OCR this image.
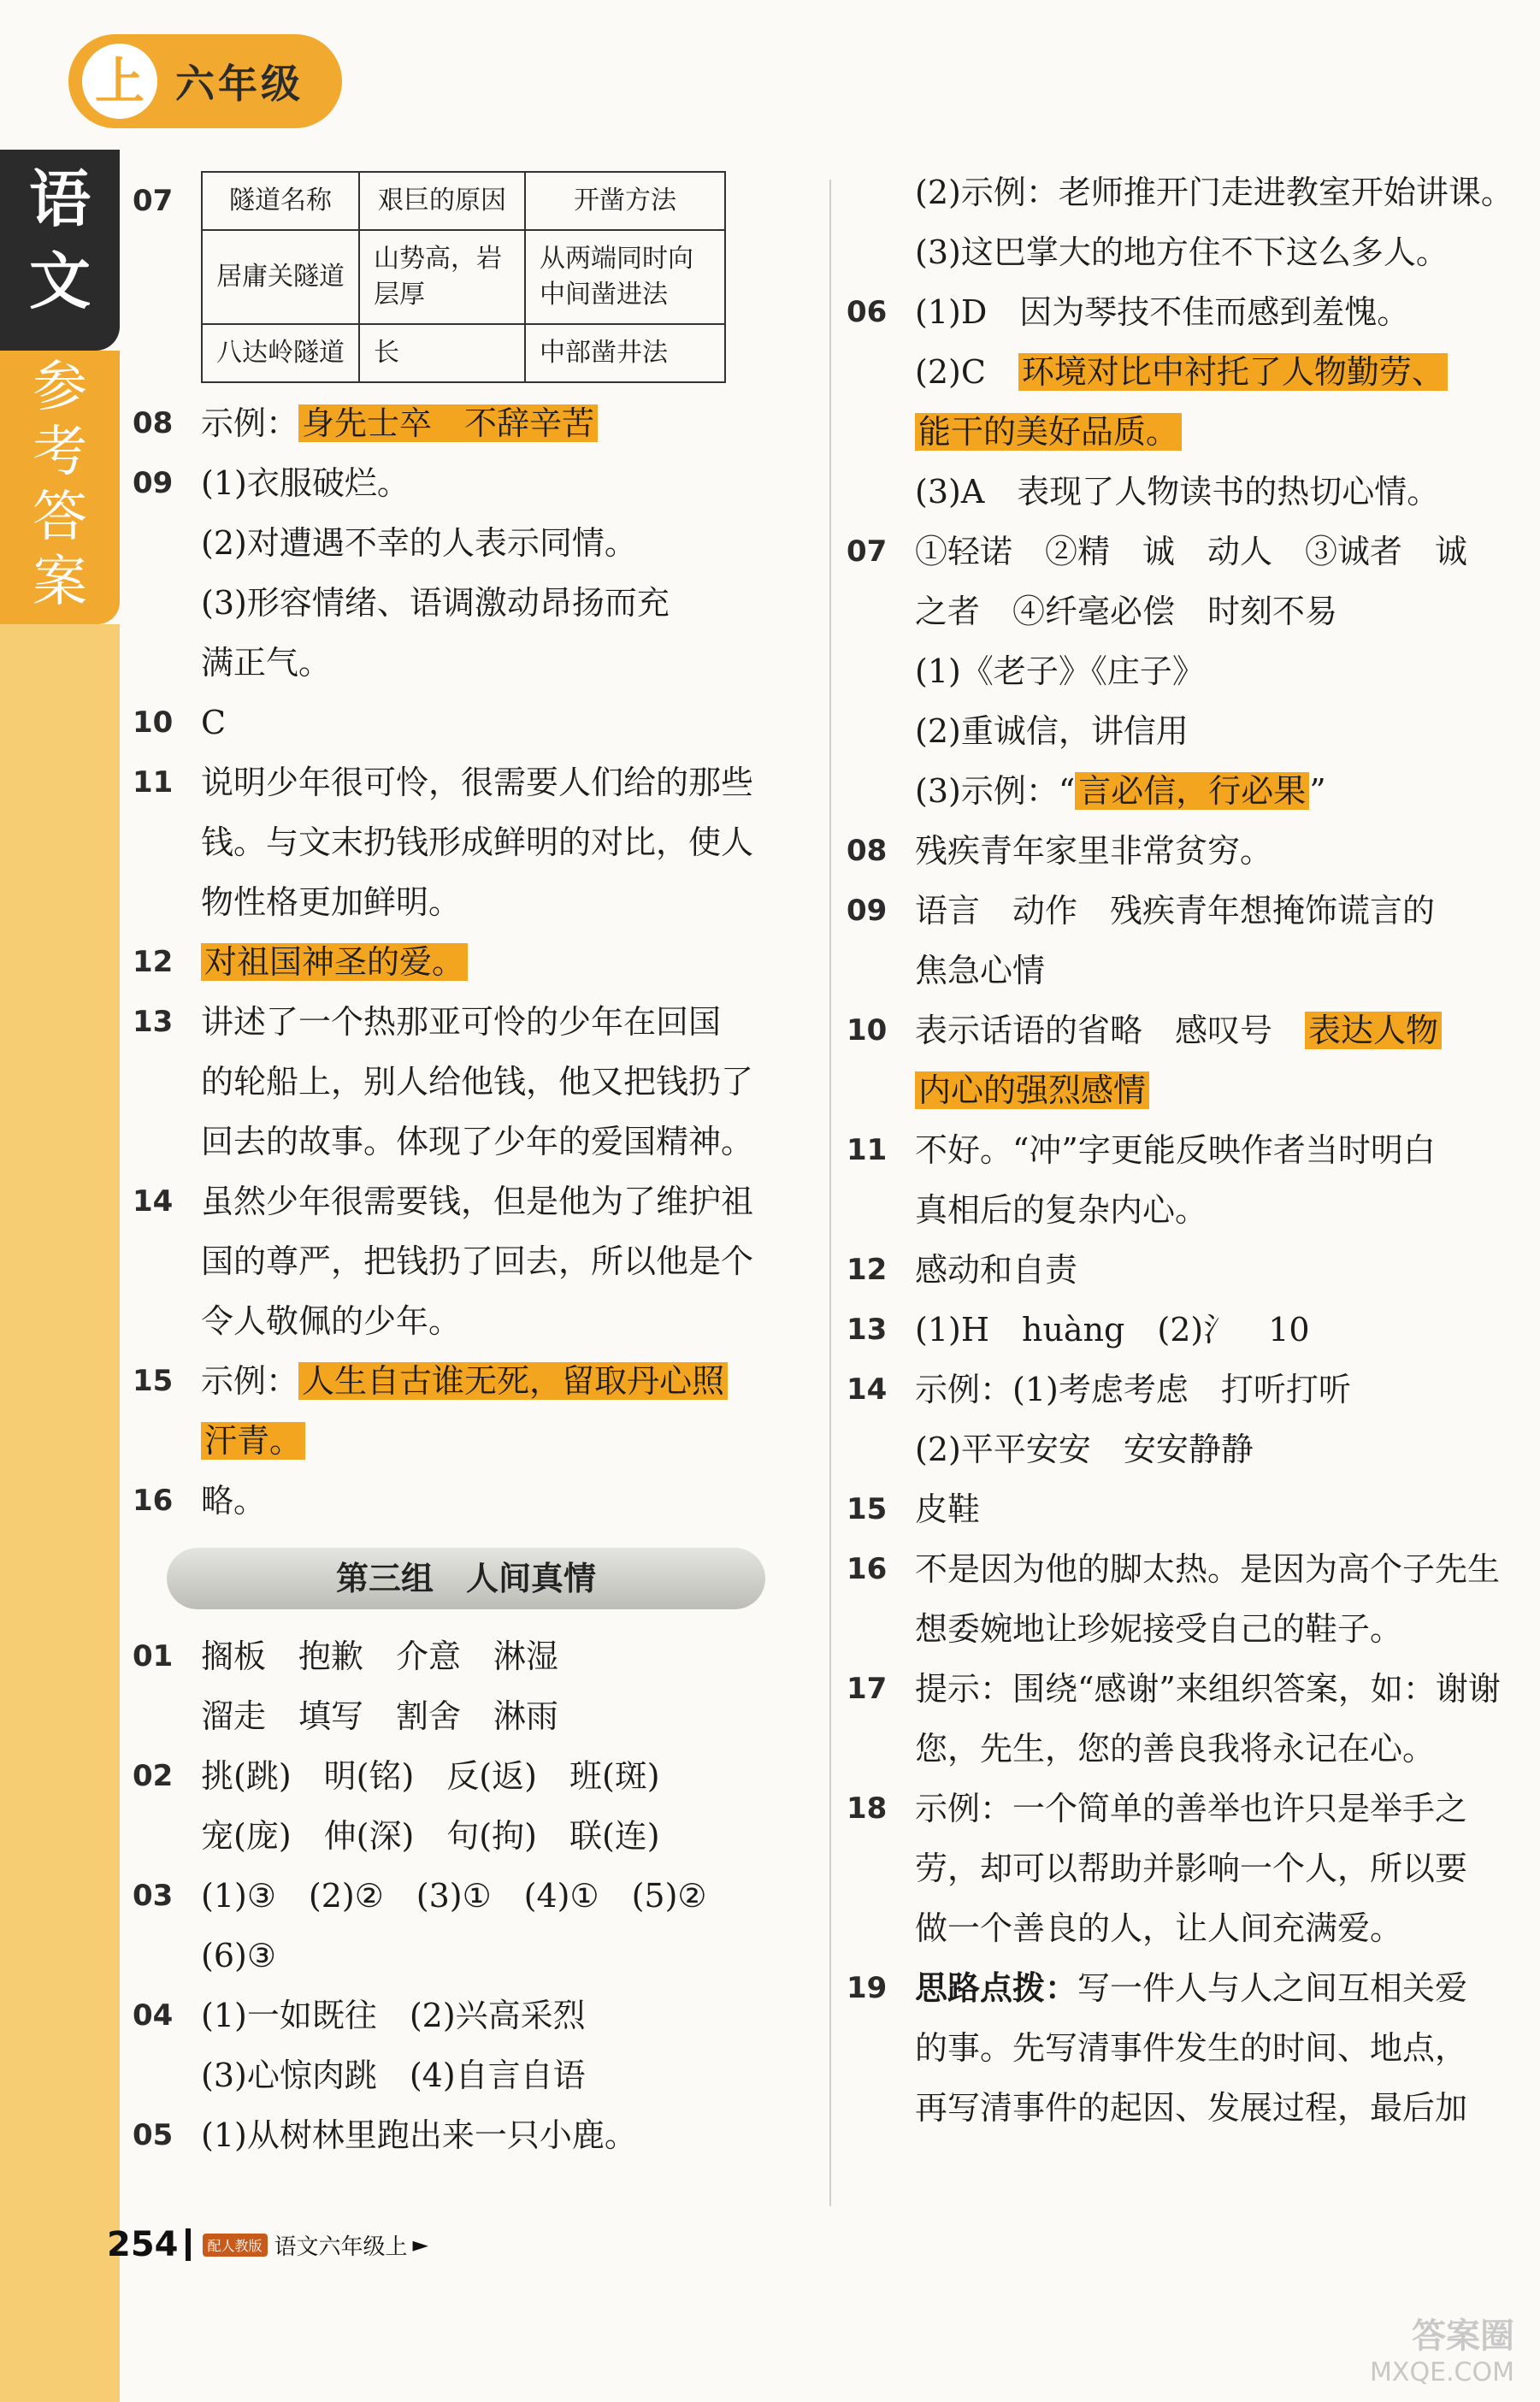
语
文
参
考
答
案
上 六年级
07 隧道名称	艰巨的原因	开凿方法
居庸关隧道	山势高，岩层厚	从两端同时向中间凿进法
八达岭隧道	长	中部凿井法
08 示例： 身先士卒　不辞辛苦
09 (1)衣服破烂。
(2)对遭遇不幸的人表示同情。
(3)形容情绪、语调激动昂扬而充
满正气。
10 C
11 说明少年很可怜，很需要人们给的那些
钱。与文末扔钱形成鲜明的对比，使人
物性格更加鲜明。
12 对祖国神圣的爱。
13 讲述了一个热那亚可怜的少年在回国
的轮船上，别人给他钱，他又把钱扔了
回去的故事。体现了少年的爱国精神。
14 虽然少年很需要钱，但是他为了维护祖
国的尊严，把钱扔了回去，所以他是个
令人敬佩的少年。
15 示例： 人生自古谁无死，留取丹心照
汗青。
16 略。
第三组　人间真情
01 搁板　抱歉　介意　淋湿
溜走　填写　割舍　淋雨
02 挑(跳)　明(铭)　反(返)　班(斑)
宠(庞)　伸(深)　句(拘)　联(连)
03 (1)③　(2)②　(3)①　(4)①　(5)②
(6)③
04 (1)一如既往　(2)兴高采烈
(3)心惊肉跳　(4)自言自语
05 (1)从树林里跑出来一只小鹿。
(2)示例：老师推开门走进教室开始讲课。
(3)这巴掌大的地方住不下这么多人。
06 (1)D　因为琴技不佳而感到羞愧。
(2)C　环境对比中衬托了人物勤劳、
能干的美好品质。
(3)A　表现了人物读书的热切心情。
07 ①轻诺　②精　诚　动人　③诚者　诚
之者　④纤毫必偿　时刻不易
(1)《老子》《庄子》
(2)重诚信，讲信用
(3)示例：“ 言必信，行必果 ”
08 残疾青年家里非常贫穷。
09 语言　动作　残疾青年想掩饰谎言的
焦急心情
10 表示话语的省略　感叹号　表达人物
内心的强烈感情
11 不好。“冲”字更能反映作者当时明白
真相后的复杂内心。
12 感动和自责
13 (1)H　huàng　(2)氵　10
14 示例：(1)考虑考虑　打听打听
(2)平平安安　安安静静
15 皮鞋
16 不是因为他的脚太热。是因为高个子先生
想委婉地让珍妮接受自己的鞋子。
17 提示：围绕“感谢”来组织答案，如：谢谢
您，先生，您的善良我将永记在心。
18 示例：一个简单的善举也许只是举手之
劳，却可以帮助并影响一个人，所以要
做一个善良的人，让人间充满爱。
19 思路点拨：写一件人与人之间互相关爱
的事。先写清事件发生的时间、地点，
再写清事件的起因、发展过程，最后加
254	配人教版 语文六年级 上 ►
答案圈
MXQE.COM
